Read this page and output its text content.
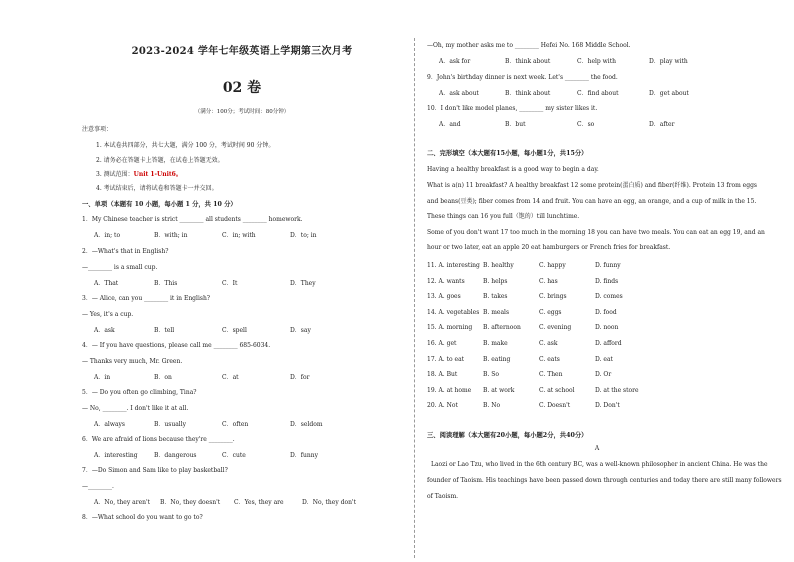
2023-2024 学年七年级英语上学期第三次月考
02 卷
（满分：100分；考试时间：80分钟）
注意事项：
1. 本试卷共四部分，共七大题，满分 100 分，考试时间 90 分钟。
2. 请务必在答题卡上答题，在试卷上答题无效。
3. 测试范围：Unit 1-Unit6。
4. 考试结束后，请将试卷和答题卡一并交回。
一、单项（本题有 10 小题，每小题 1 分，共 10 分）
1．My Chinese teacher is strict ________ all students ________ homework.
A．in; to	B．with; in	C．in; with	D．to; in
2．—What's that in English?
—________ is a small cup.
A．That	B．This	C．It	D．They
3．— Alice, can you ________ it in English?
— Yes, it's a cup.
A．ask	B．tell	C．spell	D．say
4．— If you have questions, please call me ________ 685-6034.
— Thanks very much, Mr. Green.
A．in	B．on	C．at	D．for
5．— Do you often go climbing, Tina?
— No, ________. I don't like it at all.
A．always	B．usually	C．often	D．seldom
6．We are afraid of lions because they're ________.
A．interesting	B．dangerous	C．cute	D．funny
7．—Do Simon and Sam like to play basketball?
—________.
A．No, they aren't B．No, they doesn't C．Yes, they are	D．No, they don't
8．—What school do you want to go to?
—Oh, my mother asks me to ________ Hefei No. 168 Middle School.
A．ask for	B．think about	C．help with	D．play with
9．John's birthday dinner is next week. Let's ________ the food.
A．ask about	B．think about	C．find about	D．get about
10．I don't like model planes, ________ my sister likes it.
A．and	B．but	C．so	D．after
二、完形填空（本大题有15小题，每小题1分，共15分）
Having a healthy breakfast is a good way to begin a day.
What is a(n) 11 breakfast? A healthy breakfast 12 some protein(蛋白质) and fiber(纤维). Protein 13 from eggs
and beans(豆类); fiber comes from 14 and fruit. You can have an egg, an orange, and a cup of milk in the 15.
These things can 16 you full（饱的）till lunchtime.
Some of you don't want 17 too much in the morning 18 you can have two meals. You can eat an egg 19, and an
hour or two later, eat an apple 20 eat hamburgers or French fries for breakfast.
11. A. interesting B. healthy	C. happy	D. funny
12. A. wants	B. helps	C. has	D. finds
13. A. goes	B. takes	C. brings	D. comes
14. A. vegetables B. meals	C. eggs	D. food
15. A. morning B. afternoon	C. evening	D. noon
16. A. get	B. make	C. ask	D. afford
17. A. to eat	B. eating	C. eats	D. eat
18. A. But	B. So	C. Then	D. Or
19. A. at home B. at work	C. at school	D. at the store
20. A. Not	B. No	C. Doesn't	D. Don't
三、阅读理解（本大题有20小题，每小题2分，共40分）
A
Laozi or Lao Tzu, who lived in the 6th century BC, was a well-known philosopher in ancient China. He was the
founder of Taoism. His teachings have been passed down through centuries and today there are still many followers
of Taoism.
